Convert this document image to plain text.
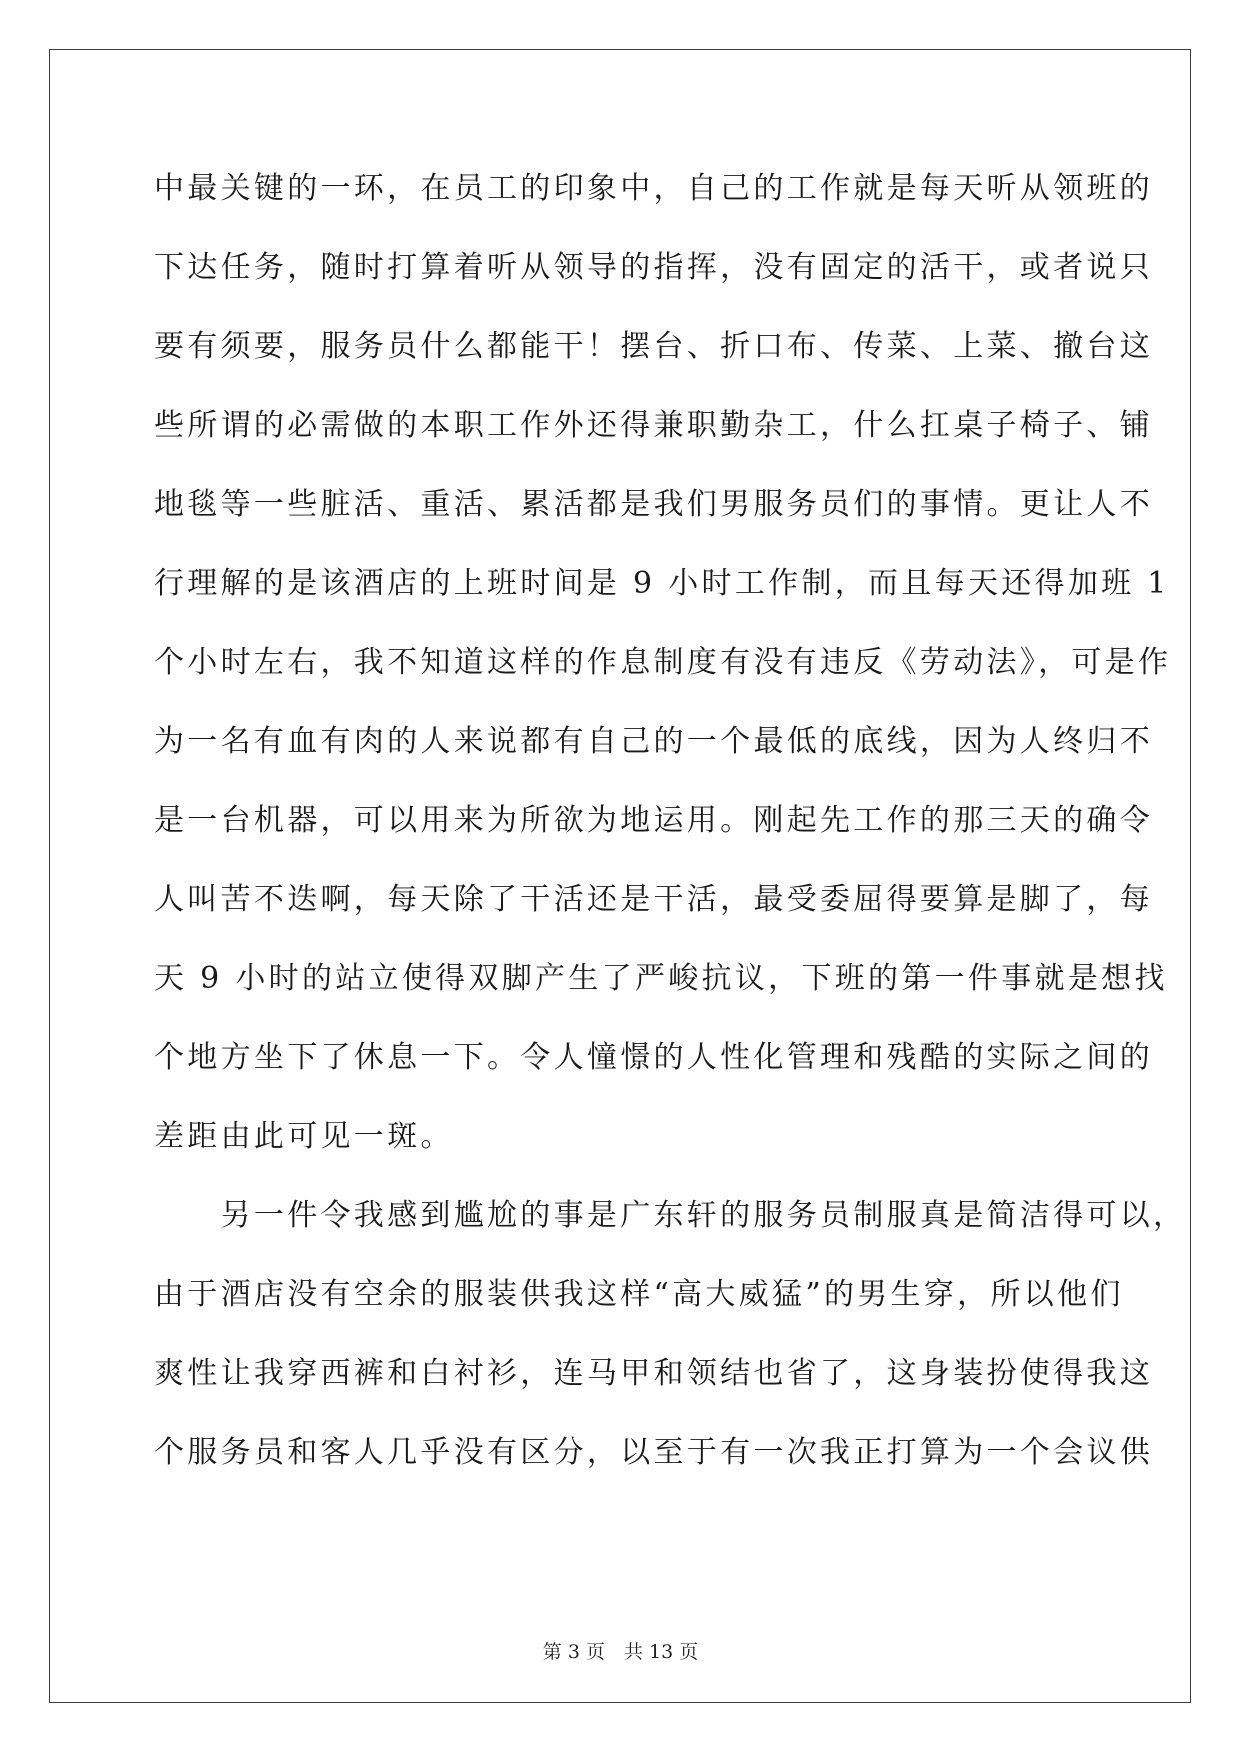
中最关键的一环，在员工的印象中，自己的工作就是每天听从领班的
下达任务，随时打算着听从领导的指挥，没有固定的活干，或者说只
要有须要，服务员什么都能干！摆台、折口布、传菜、上菜、撤台这
些所谓的必需做的本职工作外还得兼职勤杂工，什么扛桌子椅子、铺
地毯等一些脏活、重活、累活都是我们男服务员们的事情。更让人不
行理解的是该酒店的上班时间是 9 小时工作制，而且每天还得加班 1
个小时左右，我不知道这样的作息制度有没有违反《劳动法》，可是作
为一名有血有肉的人来说都有自己的一个最低的底线，因为人终归不
是一台机器，可以用来为所欲为地运用。刚起先工作的那三天的确令
人叫苦不迭啊，每天除了干活还是干活，最受委屈得要算是脚了，每
天 9 小时的站立使得双脚产生了严峻抗议，下班的第一件事就是想找
个地方坐下了休息一下。令人憧憬的人性化管理和残酷的实际之间的
差距由此可见一斑。
　　另一件令我感到尴尬的事是广东轩的服务员制服真是简洁得可以，
由于酒店没有空余的服装供我这样“高大威猛”的男生穿，所以他们
爽性让我穿西裤和白衬衫，连马甲和领结也省了，这身装扮使得我这
个服务员和客人几乎没有区分，以至于有一次我正打算为一个会议供
第 3 页　共 13 页
